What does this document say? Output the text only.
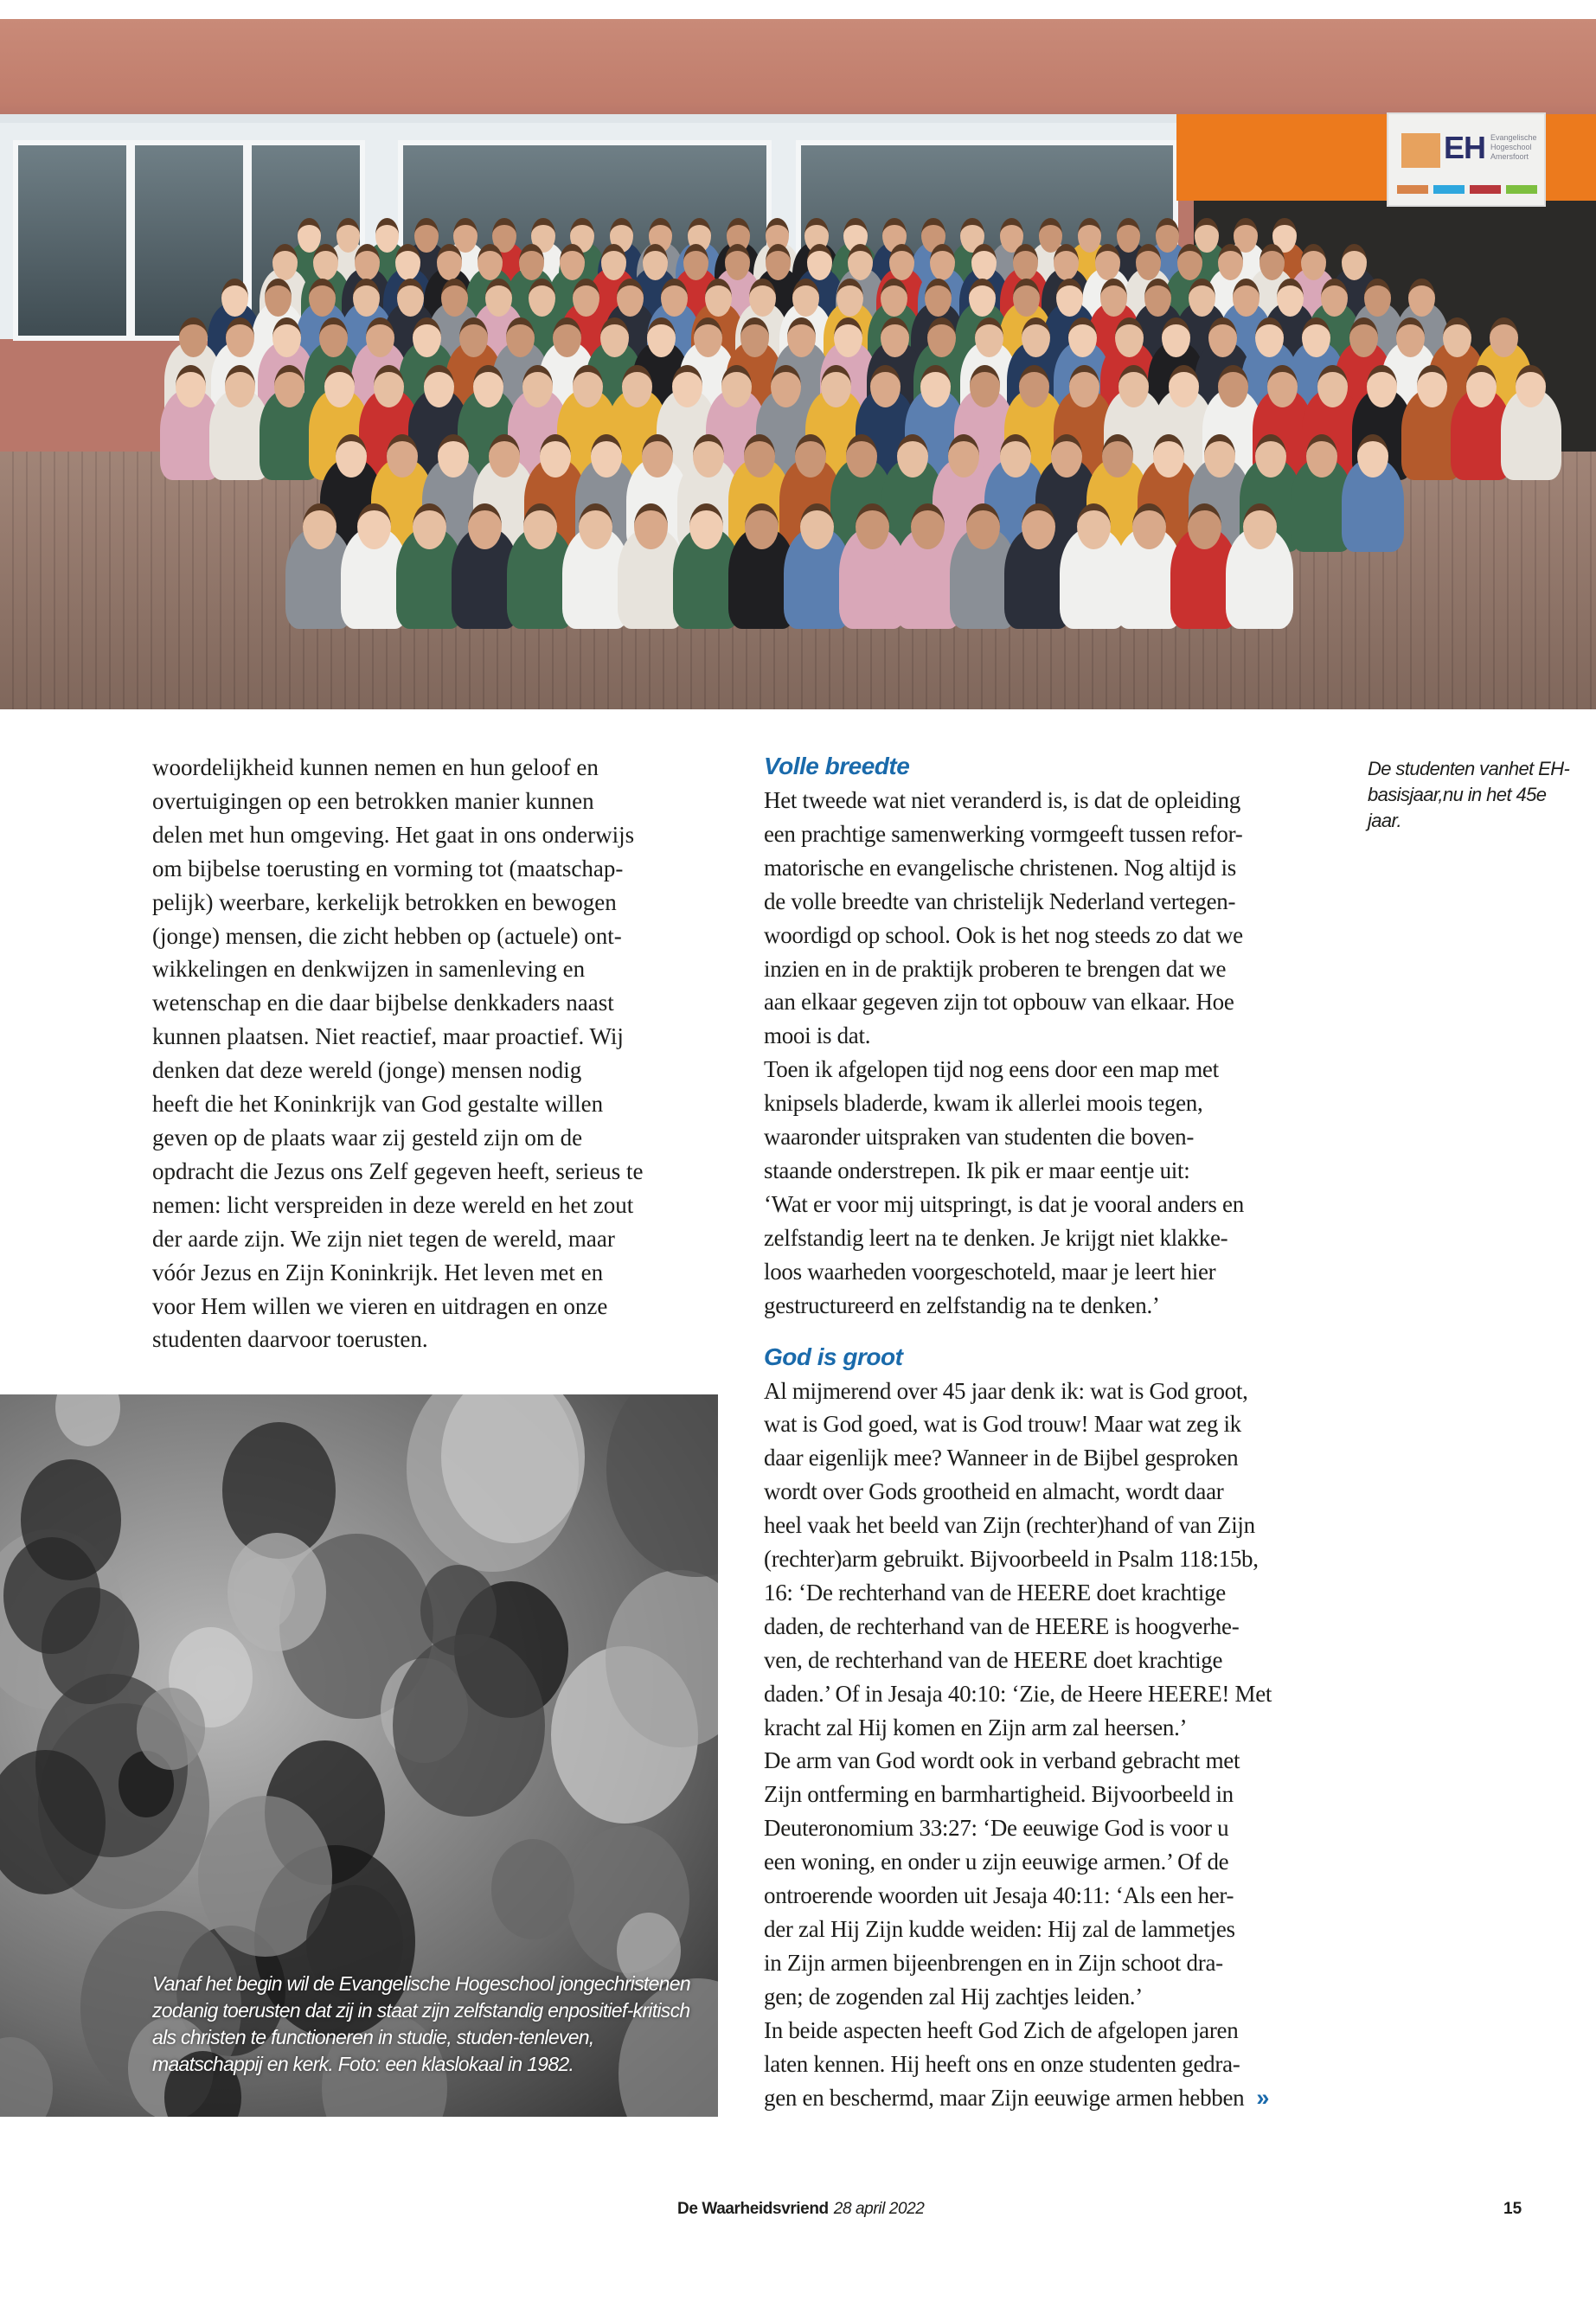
EH Evangelische Hogeschool Amersfoort
woordelijkheid kunnen nemen en hun geloof en
overtuigingen op een betrokken manier kunnen
delen met hun omgeving. Het gaat in ons onderwijs
om bijbelse toerusting en vorming tot (maatschap-
pelijk) weerbare, kerkelijk betrokken en bewogen
(jonge) mensen, die zicht hebben op (actuele) ont-
wikkelingen en denkwijzen in samenleving en
wetenschap en die daar bijbelse denkkaders naast
kunnen plaatsen. Niet reactief, maar proactief. Wij
denken dat deze wereld (jonge) mensen nodig
heeft die het Koninkrijk van God gestalte willen
geven op de plaats waar zij gesteld zijn om de
opdracht die Jezus ons Zelf gegeven heeft, serieus te
nemen: licht verspreiden in deze wereld en het zout
der aarde zijn. We zijn niet tegen de wereld, maar
vóór Jezus en Zijn Koninkrijk. Het leven met en
voor Hem willen we vieren en uitdragen en onze
studenten daarvoor toerusten.
Volle breedte
Het tweede wat niet veranderd is, is dat de opleiding
een prachtige samenwerking vormgeeft tussen refor-
matorische en evangelische christenen. Nog altijd is
de volle breedte van christelijk Nederland vertegen-
woordigd op school. Ook is het nog steeds zo dat we
inzien en in de praktijk proberen te brengen dat we
aan elkaar gegeven zijn tot opbouw van elkaar. Hoe
mooi is dat.
Toen ik afgelopen tijd nog eens door een map met
knipsels bladerde, kwam ik allerlei moois tegen,
waaronder uitspraken van studenten die boven-
staande onderstrepen. Ik pik er maar eentje uit:
‘Wat er voor mij uitspringt, is dat je vooral anders en
zelfstandig leert na te denken. Je krijgt niet klakke-
loos waarheden voorgeschoteld, maar je leert hier
gestructureerd en zelfstandig na te denken.’
God is groot
Al mijmerend over 45 jaar denk ik: wat is God groot,
wat is God goed, wat is God trouw! Maar wat zeg ik
daar eigenlijk mee? Wanneer in de Bijbel gesproken
wordt over Gods grootheid en almacht, wordt daar
heel vaak het beeld van Zijn (rechter)hand of van Zijn
(rechter)arm gebruikt. Bijvoorbeeld in Psalm 118:15b,
16: ‘De rechterhand van de HEERE doet krachtige
daden, de rechterhand van de HEERE is hoogverhe-
ven, de rechterhand van de HEERE doet krachtige
daden.’ Of in Jesaja 40:10: ‘Zie, de Heere HEERE! Met
kracht zal Hij komen en Zijn arm zal heersen.’
De arm van God wordt ook in verband gebracht met
Zijn ontferming en barmhartigheid. Bijvoorbeeld in
Deuteronomium 33:27: ‘De eeuwige God is voor u
een woning, en onder u zijn eeuwige armen.’ Of de
ontroerende woorden uit Jesaja 40:11: ‘Als een her-
der zal Hij Zijn kudde weiden: Hij zal de lammetjes
in Zijn armen bijeenbrengen en in Zijn schoot dra-
gen; de zogenden zal Hij zachtjes leiden.’
In beide aspecten heeft God Zich de afgelopen jaren
laten kennen. Hij heeft ons en onze studenten gedra-
gen en beschermd, maar Zijn eeuwige armen hebben »
De studenten vanhet EH-basisjaar,nu in het 45e jaar.
Vanaf het begin wil de Evangelische Hogeschool jongechristenen zodanig toerusten dat zij in staat zijn zelfstandig enpositief-kritisch als christen te functioneren in studie, studen-tenleven, maatschappij en kerk. Foto: een klaslokaal in 1982.
De Waarheidsvriend 28 april 2022	15
